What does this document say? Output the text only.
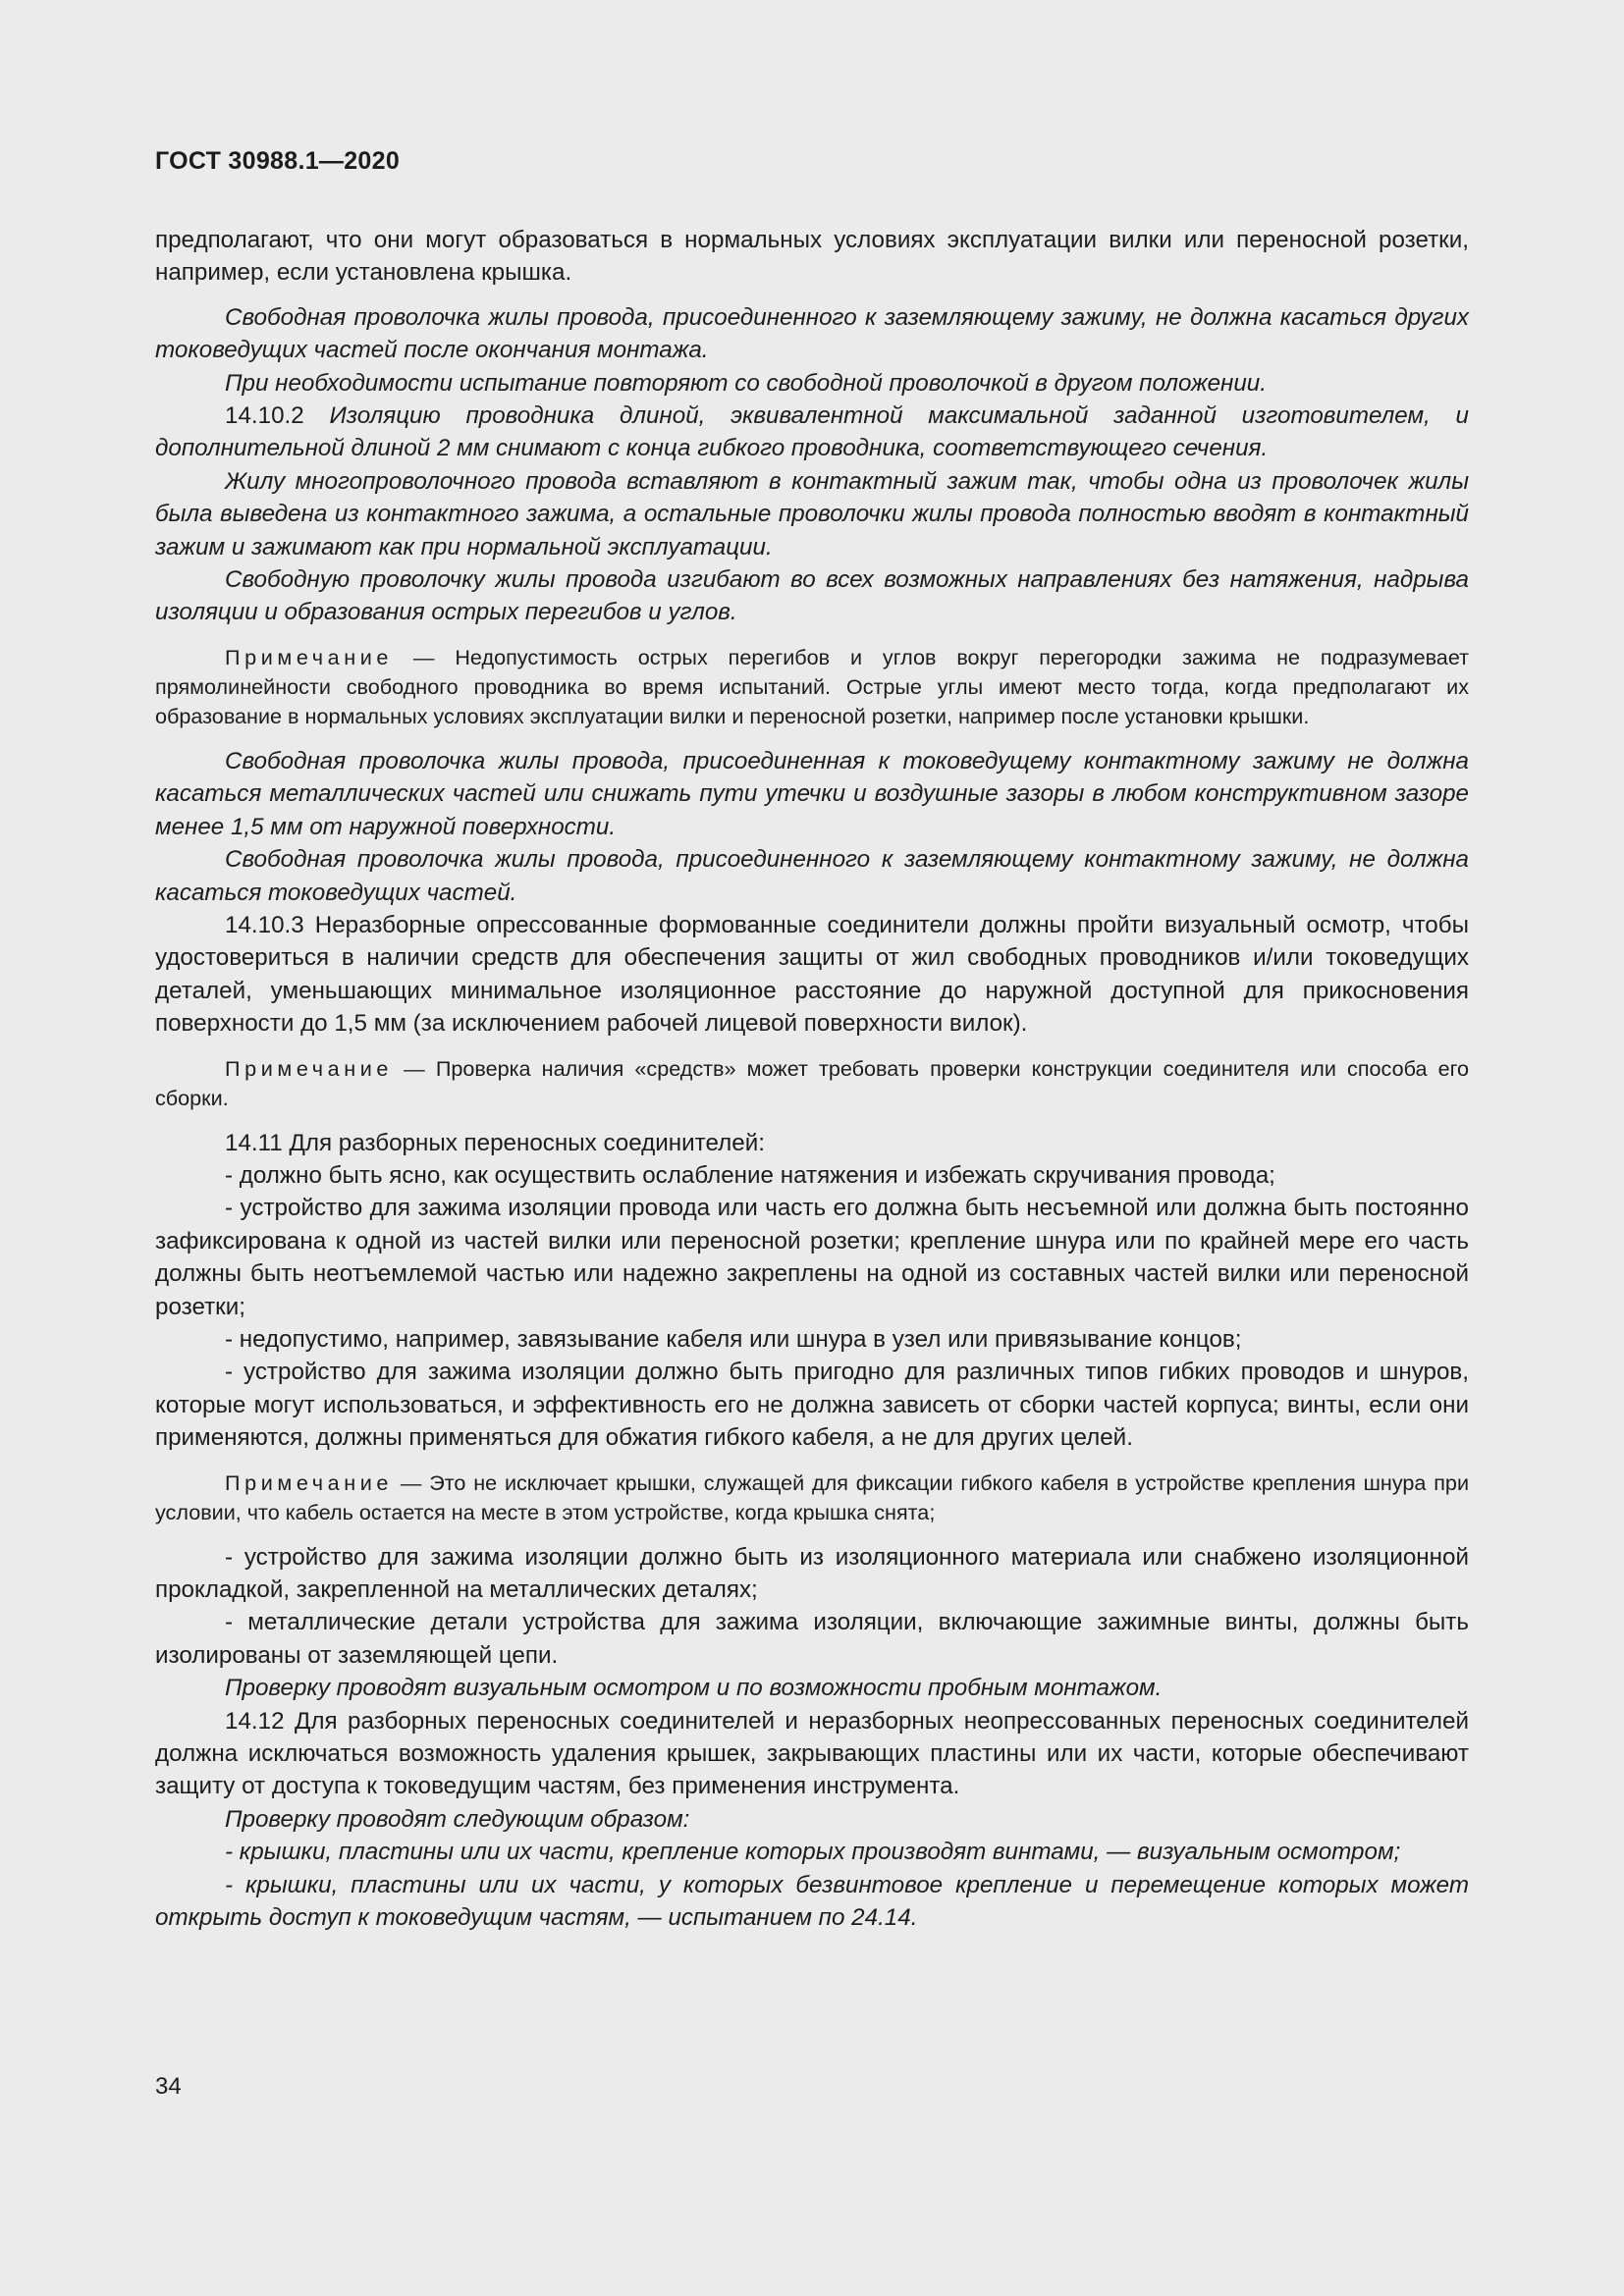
ГОСТ 30988.1—2020

предполагают, что они могут образоваться в нормальных условиях эксплуатации вилки или переносной розетки, например, если установлена крышка.

Свободная проволочка жилы провода, присоединенного к заземляющему зажиму, не должна касаться других токоведущих частей после окончания монтажа.

При необходимости испытание повторяют со свободной проволочкой в другом положении.

14.10.2 Изоляцию проводника длиной, эквивалентной максимальной заданной изготовителем, и дополнительной длиной 2 мм снимают с конца гибкого проводника, соответствующего сечения.

Жилу многопроволочного провода вставляют в контактный зажим так, чтобы одна из проволочек жилы была выведена из контактного зажима, а остальные проволочки жилы провода полностью вводят в контактный зажим и зажимают как при нормальной эксплуатации.

Свободную проволочку жилы провода изгибают во всех возможных направлениях без натяжения, надрыва изоляции и образования острых перегибов и углов.

Примечание — Недопустимость острых перегибов и углов вокруг перегородки зажима не подразумевает прямолинейности свободного проводника во время испытаний. Острые углы имеют место тогда, когда предполагают их образование в нормальных условиях эксплуатации вилки и переносной розетки, например после установки крышки.

Свободная проволочка жилы провода, присоединенная к токоведущему контактному зажиму не должна касаться металлических частей или снижать пути утечки и воздушные зазоры в любом конструктивном зазоре менее 1,5 мм от наружной поверхности.

Свободная проволочка жилы провода, присоединенного к заземляющему контактному зажиму, не должна касаться токоведущих частей.

14.10.3 Неразборные опрессованные формованные соединители должны пройти визуальный осмотр, чтобы удостовериться в наличии средств для обеспечения защиты от жил свободных проводников и/или токоведущих деталей, уменьшающих минимальное изоляционное расстояние до наружной доступной для прикосновения поверхности до 1,5 мм (за исключением рабочей лицевой поверхности вилок).

Примечание — Проверка наличия «средств» может требовать проверки конструкции соединителя или способа его сборки.

14.11 Для разборных переносных соединителей:

- должно быть ясно, как осуществить ослабление натяжения и избежать скручивания провода;

- устройство для зажима изоляции провода или часть его должна быть несъемной или должна быть постоянно зафиксирована к одной из частей вилки или переносной розетки; крепление шнура или по крайней мере его часть должны быть неотъемлемой частью или надежно закреплены на одной из составных частей вилки или переносной розетки;

- недопустимо, например, завязывание кабеля или шнура в узел или привязывание концов;

- устройство для зажима изоляции должно быть пригодно для различных типов гибких проводов и шнуров, которые могут использоваться, и эффективность его не должна зависеть от сборки частей корпуса; винты, если они применяются, должны применяться для обжатия гибкого кабеля, а не для других целей.

Примечание — Это не исключает крышки, служащей для фиксации гибкого кабеля в устройстве крепления шнура при условии, что кабель остается на месте в этом устройстве, когда крышка снята;

- устройство для зажима изоляции должно быть из изоляционного материала или снабжено изоляционной прокладкой, закрепленной на металлических деталях;

- металлические детали устройства для зажима изоляции, включающие зажимные винты, должны быть изолированы от заземляющей цепи.

Проверку проводят визуальным осмотром и по возможности пробным монтажом.

14.12 Для разборных переносных соединителей и неразборных неопрессованных переносных соединителей должна исключаться возможность удаления крышек, закрывающих пластины или их части, которые обеспечивают защиту от доступа к токоведущим частям, без применения инструмента.

Проверку проводят следующим образом:

- крышки, пластины или их части, крепление которых производят винтами, — визуальным осмотром;

- крышки, пластины или их части, у которых безвинтовое крепление и перемещение которых может открыть доступ к токоведущим частям, — испытанием по 24.14.

34
